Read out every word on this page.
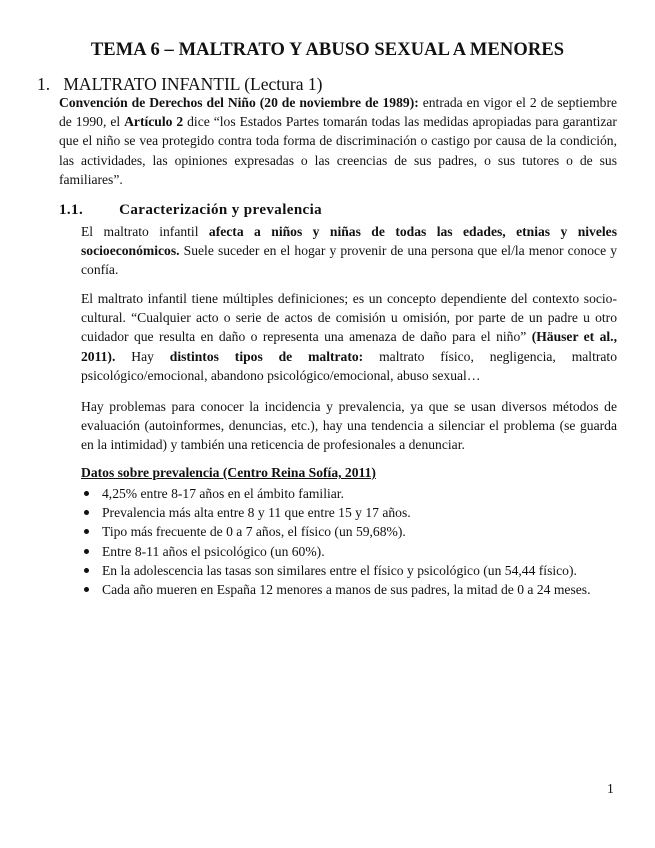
TEMA 6 – MALTRATO Y ABUSO SEXUAL A MENORES
1. MALTRATO INFANTIL (Lectura 1)
Convención de Derechos del Niño (20 de noviembre de 1989): entrada en vigor el 2 de septiembre de 1990, el Artículo 2 dice “los Estados Partes tomarán todas las medidas apropiadas para garantizar que el niño se vea protegido contra toda forma de discriminación o castigo por causa de la condición, las actividades, las opiniones expresadas o las creencias de sus padres, o sus tutores o de sus familiares”.
1.1. Caracterización y prevalencia
El maltrato infantil afecta a niños y niñas de todas las edades, etnias y niveles socioeconómicos. Suele suceder en el hogar y provenir de una persona que el/la menor conoce y confía.
El maltrato infantil tiene múltiples definiciones; es un concepto dependiente del contexto socio-cultural. “Cualquier acto o serie de actos de comisión u omisión, por parte de un padre u otro cuidador que resulta en daño o representa una amenaza de daño para el niño” (Häuser et al., 2011). Hay distintos tipos de maltrato: maltrato físico, negligencia, maltrato psicológico/emocional, abandono psicológico/emocional, abuso sexual…
Hay problemas para conocer la incidencia y prevalencia, ya que se usan diversos métodos de evaluación (autoinformes, denuncias, etc.), hay una tendencia a silenciar el problema (se guarda en la intimidad) y también una reticencia de profesionales a denunciar.
Datos sobre prevalencia (Centro Reina Sofía, 2011)
4,25% entre 8-17 años en el ámbito familiar.
Prevalencia más alta entre 8 y 11 que entre 15 y 17 años.
Tipo más frecuente de 0 a 7 años, el físico (un 59,68%).
Entre 8-11 años el psicológico (un 60%).
En la adolescencia las tasas son similares entre el físico y psicológico (un 54,44 físico).
Cada año mueren en España 12 menores a manos de sus padres, la mitad de 0 a 24 meses.
1
